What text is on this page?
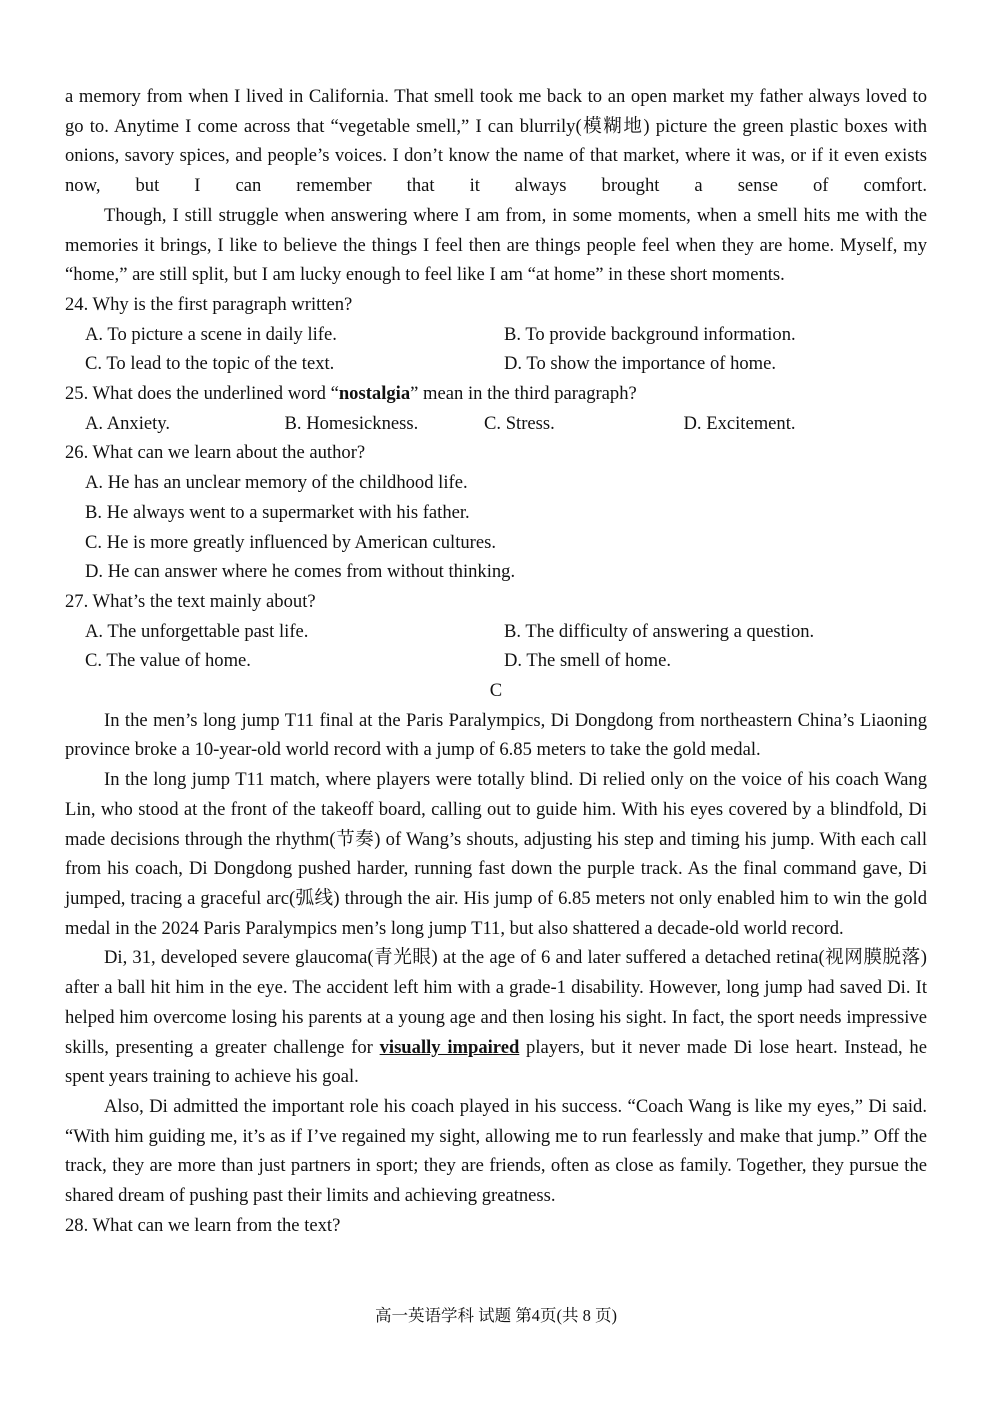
a memory from when I lived in California. That smell took me back to an open market my father always loved to go to. Anytime I come across that “vegetable smell,” I can blurrily(模糊地) picture the green plastic boxes with onions, savory spices, and people’s voices. I don’t know the name of that market, where it was, or if it even exists now, but I can remember that it always brought a sense of comfort.

Though, I still struggle when answering where I am from, in some moments, when a smell hits me with the memories it brings, I like to believe the things I feel then are things people feel when they are home. Myself, my “home,” are still split, but I am lucky enough to feel like I am “at home” in these short moments.

24. Why is the first paragraph written?

A. To picture a scene in daily life.	B. To provide background information.
C. To lead to the topic of the text.	D. To show the importance of home.

25. What does the underlined word “nostalgia” mean in the third paragraph?

A. Anxiety.	B. Homesickness.	C. Stress.	D. Excitement.

26. What can we learn about the author?

A. He has an unclear memory of the childhood life.

B. He always went to a supermarket with his father.

C. He is more greatly influenced by American cultures.

D. He can answer where he comes from without thinking.

27. What’s the text mainly about?

A. The unforgettable past life.	B. The difficulty of answering a question.
C. The value of home.	D. The smell of home.

C

In the men’s long jump T11 final at the Paris Paralympics, Di Dongdong from northeastern China’s Liaoning province broke a 10-year-old world record with a jump of 6.85 meters to take the gold medal.

In the long jump T11 match, where players were totally blind. Di relied only on the voice of his coach Wang Lin, who stood at the front of the takeoff board, calling out to guide him. With his eyes covered by a blindfold, Di made decisions through the rhythm(节奏) of Wang’s shouts, adjusting his step and timing his jump. With each call from his coach, Di Dongdong pushed harder, running fast down the purple track. As the final command gave, Di jumped, tracing a graceful arc(弧线) through the air. His jump of 6.85 meters not only enabled him to win the gold medal in the 2024 Paris Paralympics men’s long jump T11, but also shattered a decade-old world record.

Di, 31, developed severe glaucoma(青光眼) at the age of 6 and later suffered a detached retina(视网膜脱落) after a ball hit him in the eye. The accident left him with a grade-1 disability. However, long jump had saved Di. It helped him overcome losing his parents at a young age and then losing his sight. In fact, the sport needs impressive skills, presenting a greater challenge for visually impaired players, but it never made Di lose heart. Instead, he spent years training to achieve his goal.

Also, Di admitted the important role his coach played in his success. “Coach Wang is like my eyes,” Di said. “With him guiding me, it’s as if I’ve regained my sight, allowing me to run fearlessly and make that jump.” Off the track, they are more than just partners in sport; they are friends, often as close as family. Together, they pursue the shared dream of pushing past their limits and achieving greatness.

28. What can we learn from the text?

高一英语学科 试题 第4页(共 8 页)
